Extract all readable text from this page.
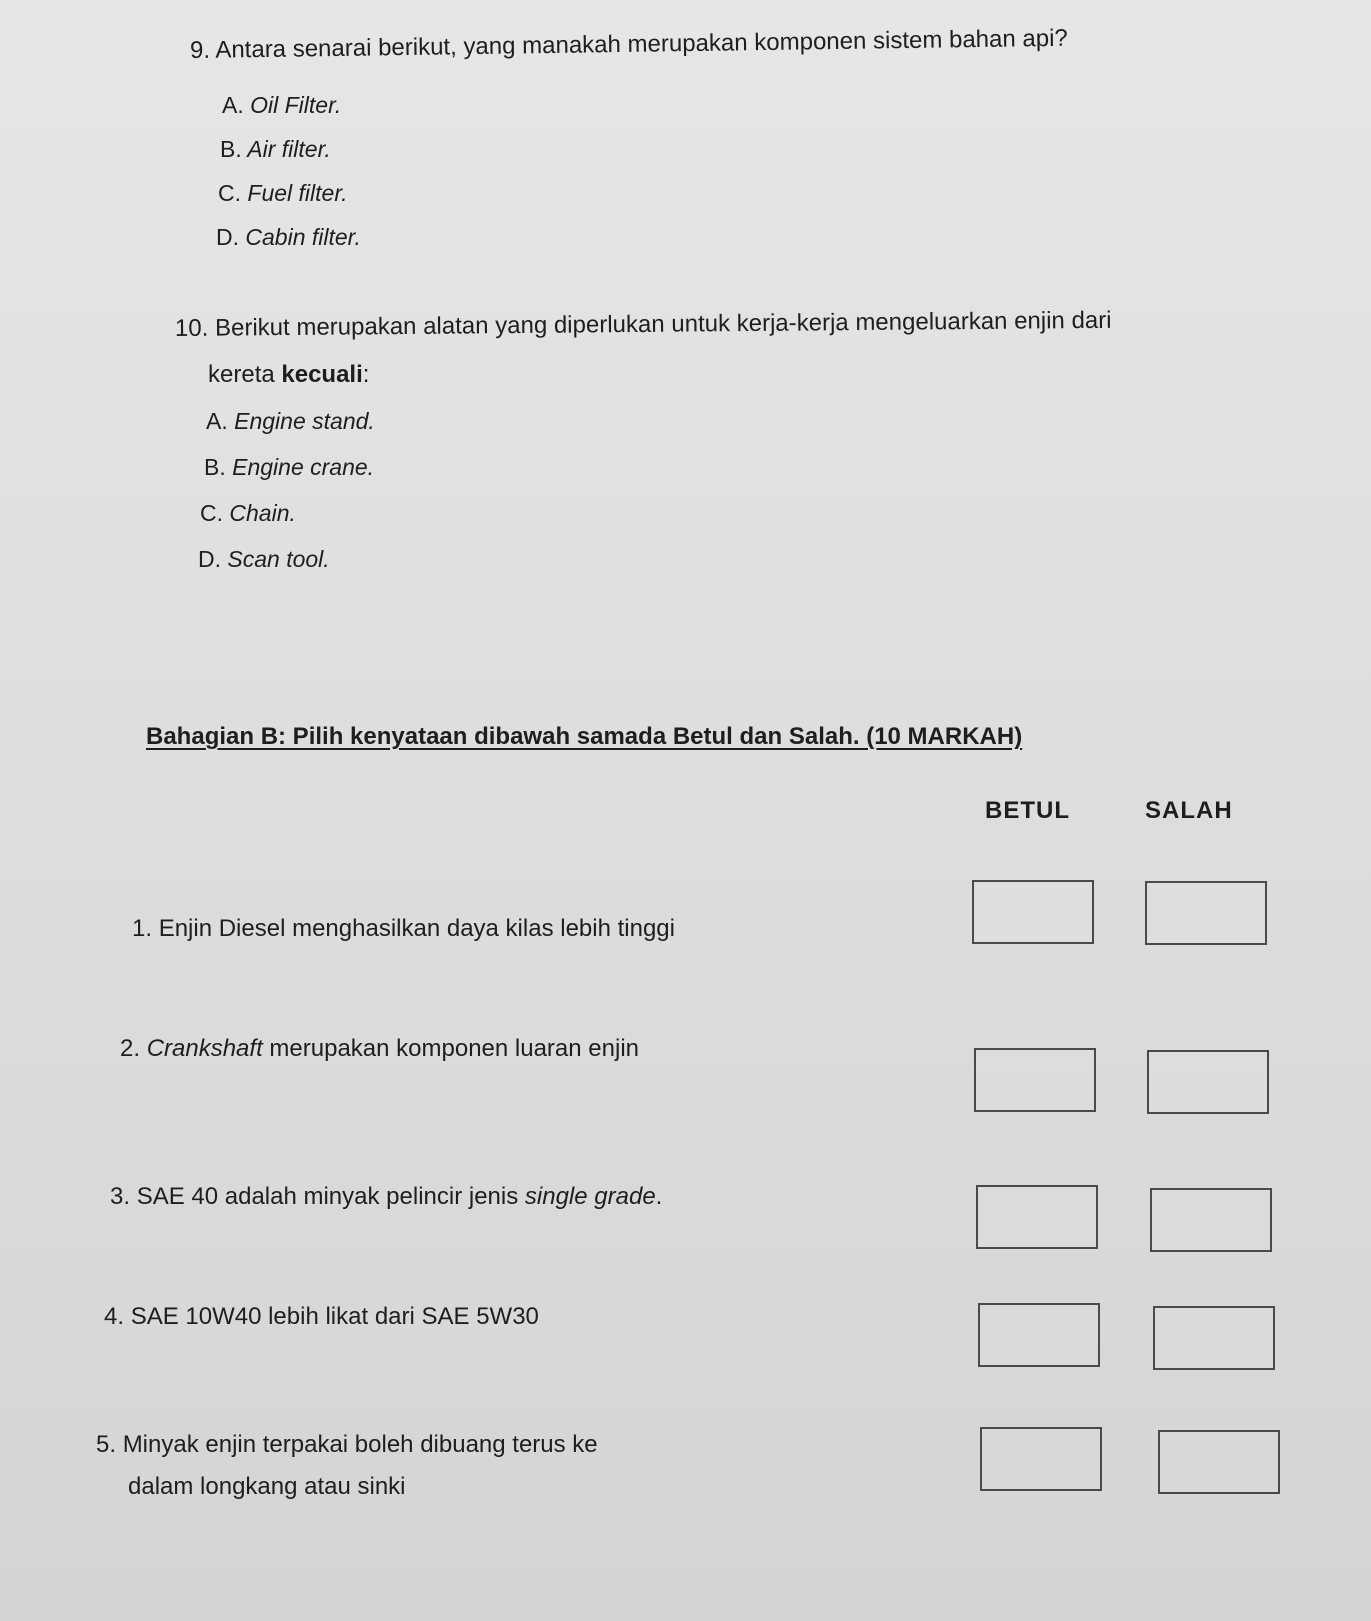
9. Antara senarai berikut, yang manakah merupakan komponen sistem bahan api?
A. Oil Filter.
B. Air filter.
C. Fuel filter.
D. Cabin filter.
10. Berikut merupakan alatan yang diperlukan untuk kerja-kerja mengeluarkan enjin dari
kereta kecuali:
A. Engine stand.
B. Engine crane.
C. Chain.
D. Scan tool.
Bahagian B: Pilih kenyataan dibawah samada Betul dan Salah. (10 MARKAH)
BETUL	SALAH
1. Enjin Diesel menghasilkan daya kilas lebih tinggi
2. Crankshaft merupakan komponen luaran enjin
3. SAE 40 adalah minyak pelincir jenis single grade.
4. SAE 10W40 lebih likat dari SAE 5W30
5. Minyak enjin terpakai boleh dibuang terus ke
dalam longkang atau sinki
